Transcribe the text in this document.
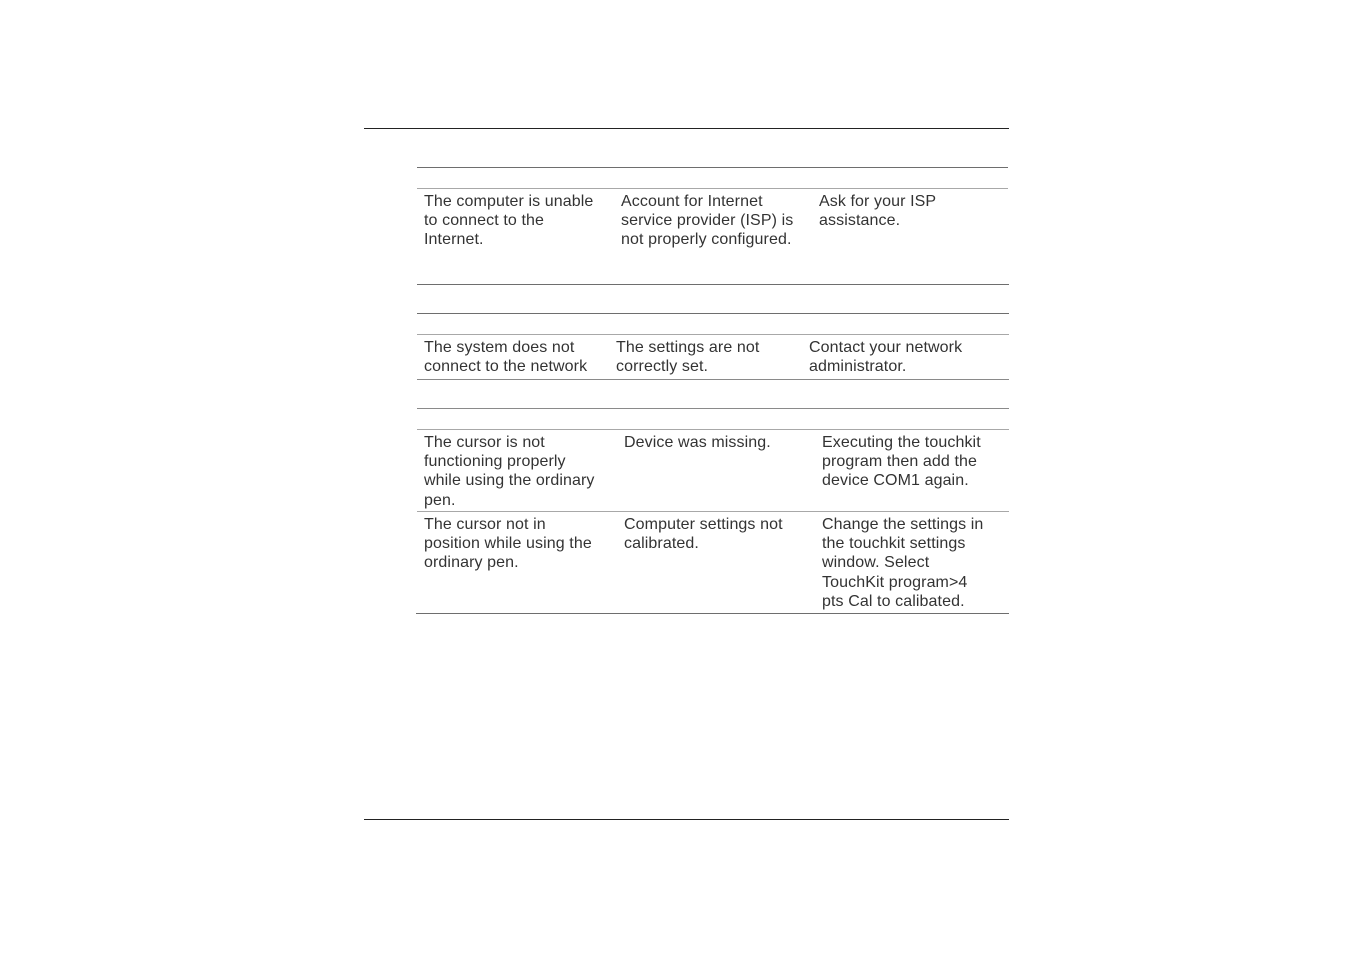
The computer is unable
to connect to the
Internet.
Account for Internet
service provider (ISP) is
not properly configured.
Ask for your ISP
assistance.
The system does not
connect to the network
The settings are not
correctly set.
Contact your network
administrator.
The cursor is not
functioning properly
while using the ordinary
pen.
Device was missing.	Executing the touchkit
program then add the
device COM1 again.
The cursor not in
position while using the
ordinary pen.
Computer settings not
calibrated.
Change the settings in
the touchkit settings
window. Select
TouchKit program>4
pts Cal to calibated.
